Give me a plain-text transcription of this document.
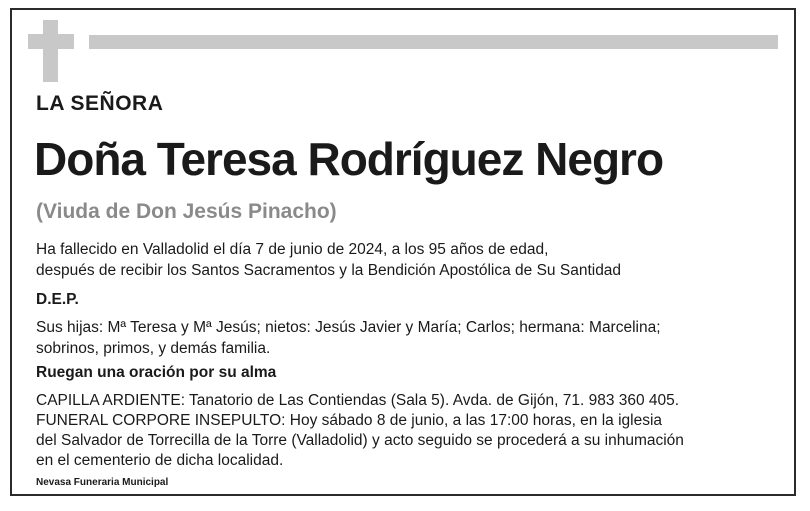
LA SEÑORA
Doña Teresa Rodríguez Negro
(Viuda de Don Jesús Pinacho)
Ha fallecido en Valladolid el día 7 de junio de 2024, a los 95 años de edad,
después de recibir los Santos Sacramentos y la Bendición Apostólica de Su Santidad
D.E.P.
Sus hijas: Mª Teresa y Mª Jesús; nietos: Jesús Javier y María; Carlos; hermana: Marcelina;
sobrinos, primos, y demás familia.
Ruegan una oración por su alma
CAPILLA ARDIENTE: Tanatorio de Las Contiendas (Sala 5). Avda. de Gijón, 71. 983 360 405.
FUNERAL CORPORE INSEPULTO: Hoy sábado 8 de junio, a las 17:00 horas, en la iglesia
del Salvador de Torrecilla de la Torre (Valladolid) y acto seguido se procederá a su inhumación
en el cementerio de dicha localidad.
Nevasa Funeraria Municipal
